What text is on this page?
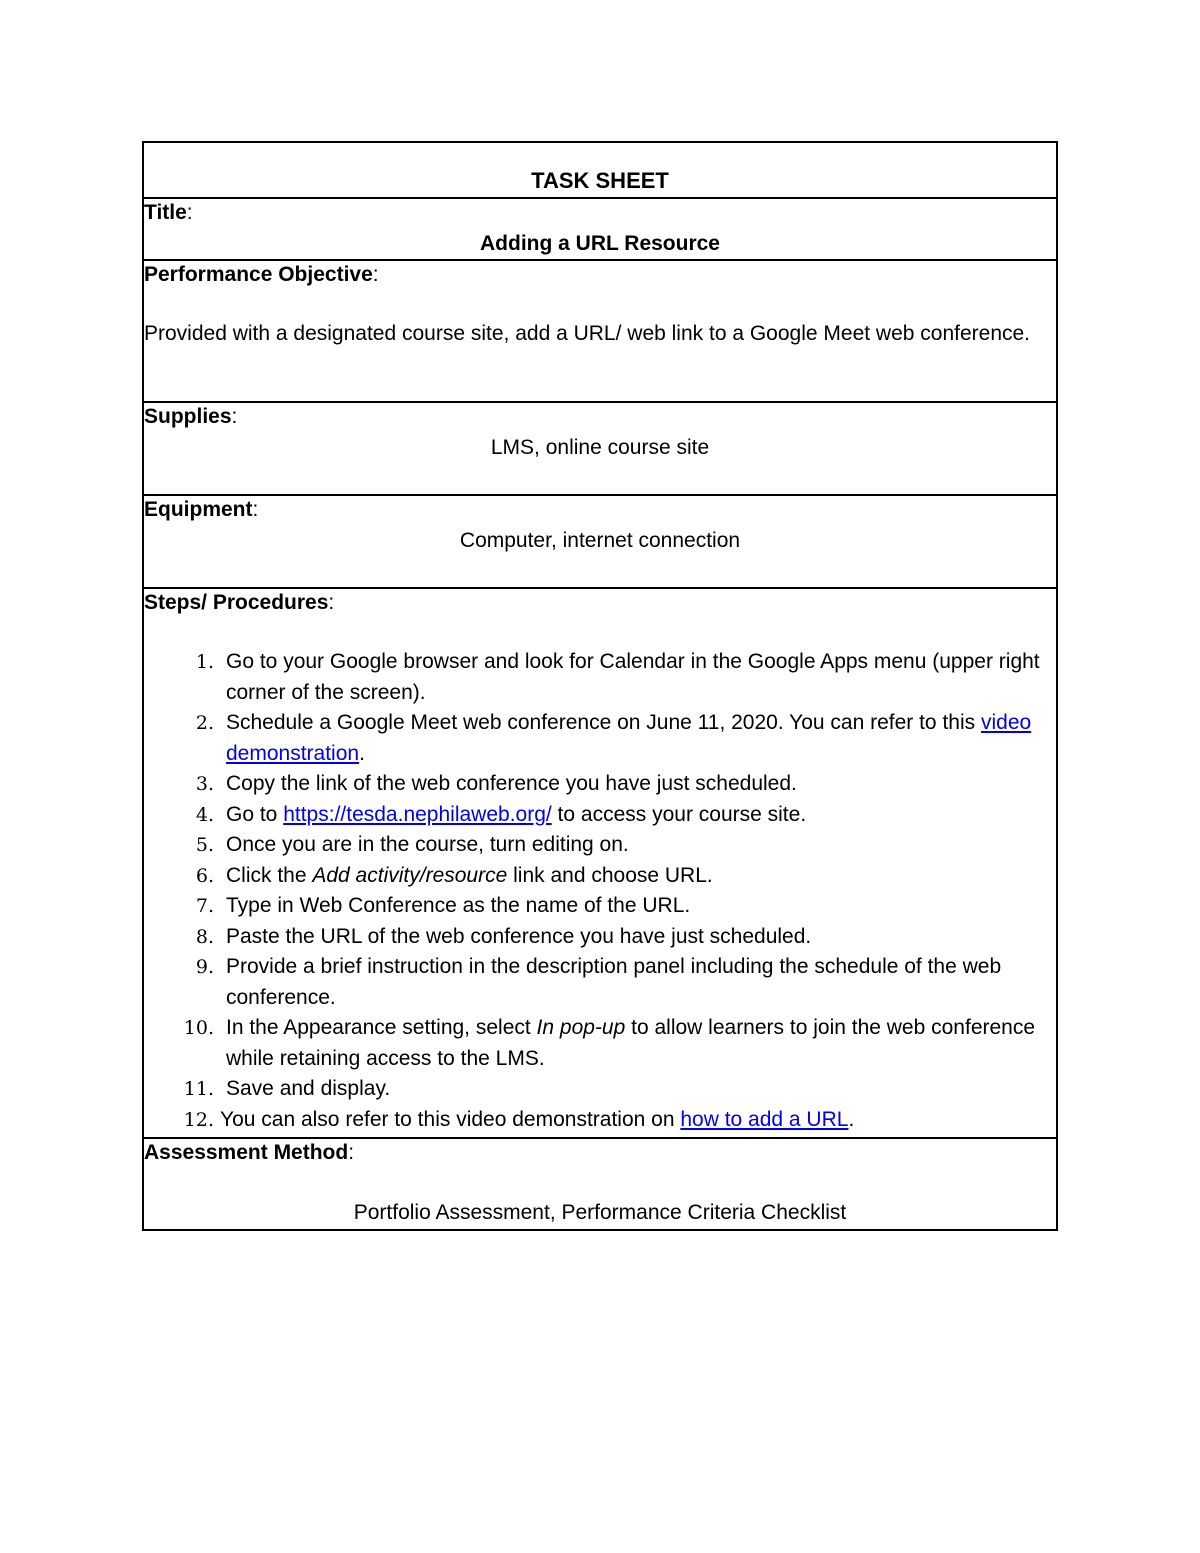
TASK SHEET
Title:
Adding a URL Resource
Performance Objective:
Provided with a designated course site, add a URL/ web link to a Google Meet web conference.
Supplies:
LMS, online course site
Equipment:
Computer, internet connection
Steps/ Procedures:
1. Go to your Google browser and look for Calendar in the Google Apps menu (upper right corner of the screen).
2. Schedule a Google Meet web conference on June 11, 2020. You can refer to this video demonstration.
3. Copy the link of the web conference you have just scheduled.
4. Go to https://tesda.nephilaweb.org/ to access your course site.
5. Once you are in the course, turn editing on.
6. Click the Add activity/resource link and choose URL.
7. Type in Web Conference as the name of the URL.
8. Paste the URL of the web conference you have just scheduled.
9. Provide a brief instruction in the description panel including the schedule of the web conference.
10. In the Appearance setting, select In pop-up to allow learners to join the web conference while retaining access to the LMS.
11. Save and display.
12. You can also refer to this video demonstration on how to add a URL.
Assessment Method:
Portfolio Assessment, Performance Criteria Checklist
